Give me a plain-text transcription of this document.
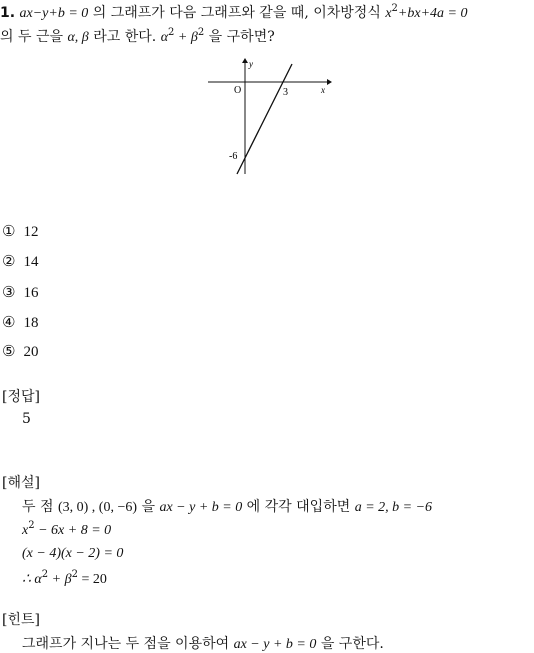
1. ax−y+b = 0 의 그래프가 다음 그래프와 같을 때, 이차방정식 $x^2+bx+4a = 0$
의 두 근을 α, β 라고 한다. $\alpha^2 + \beta^2$ 을 구하면?
O	x
y
3
-6
① 12
② 14
③ 16
④ 18
⑤ 20
[정답]
5
[해설]
두 점 (3, 0) , (0, −6) 을 ax − y + b = 0 에 각각 대입하면 a = 2, b = −6
$x^2 - 6x + 8 = 0$
(x − 4)(x − 2) = 0
∴ $\alpha^2 + \beta^2 = 20$
[힌트]
그래프가 지나는 두 점을 이용하여 ax − y + b = 0 을 구한다.
